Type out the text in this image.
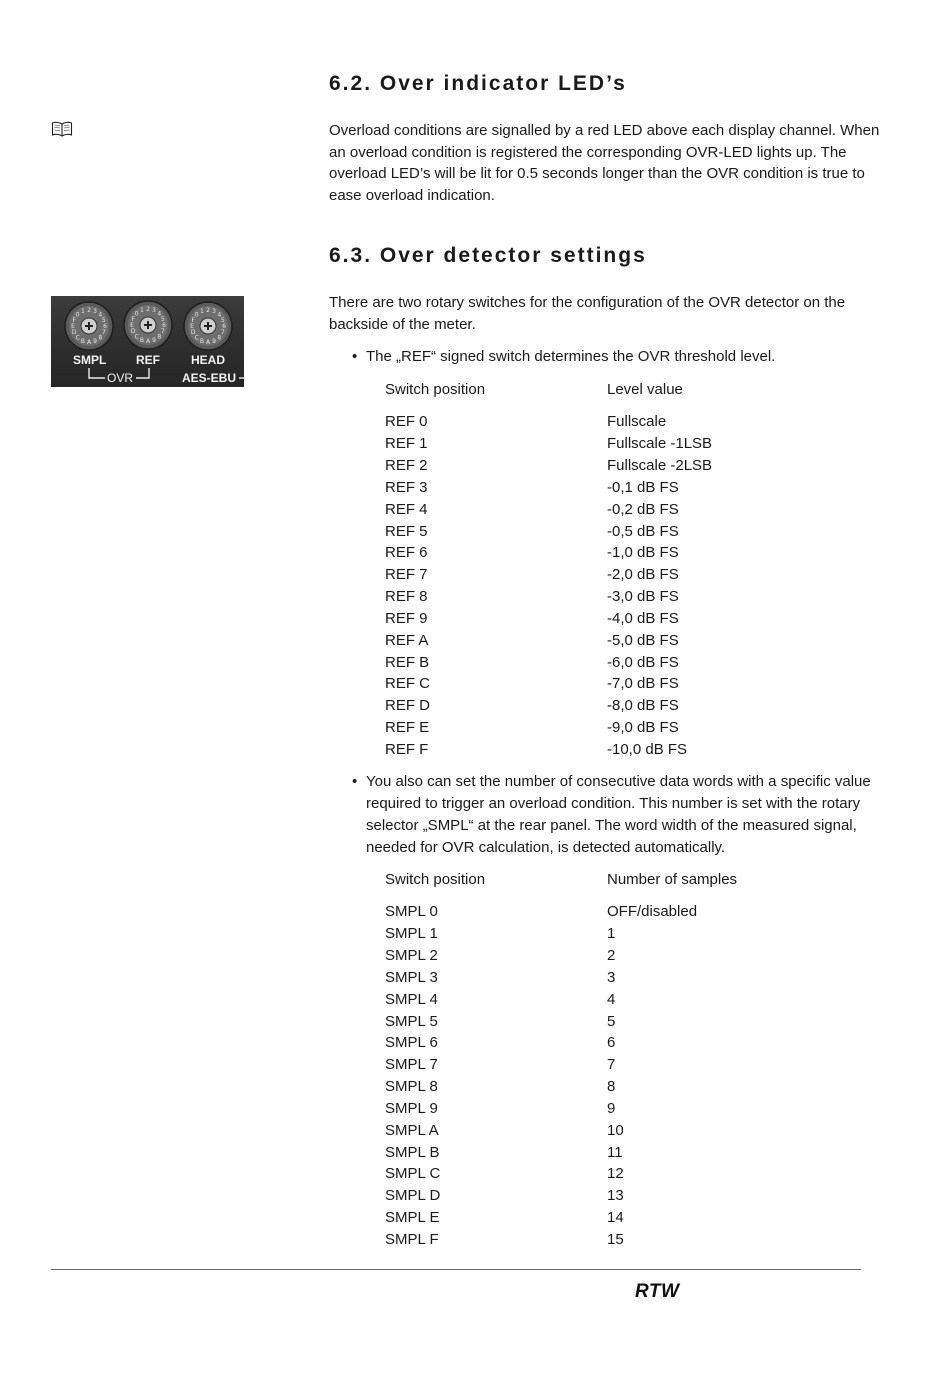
0 1 2 3 4
5
6
7
8
9
A
B
C
D
E
F
0 1 2 3 4
5
6
7
8
9
A
B
C
D
E
F
0 1 2 3 4
5
6
7
8
9
A
B
C
D
E
F
SMPL REF	HEAD
OVR	AES-EBU
6.2. Over indicator LED’s

Overload conditions are signalled by a red LED above each display channel. When an overload condition is registered the corresponding OVR-LED lights up. The overload LED’s will be lit for 0.5 seconds longer than the OVR condition is true to ease overload indication.

6.3. Over detector settings

There are two rotary switches for the configuration of the OVR detector on the backside of the meter.

• The „REF“ signed switch determines the OVR threshold level.
Switch position	Level value
REF 0	Fullscale
REF 1	Fullscale -1LSB
REF 2	Fullscale -2LSB
REF 3	-0,1 dB FS
REF 4	-0,2 dB FS
REF 5	-0,5 dB FS
REF 6	-1,0 dB FS
REF 7	-2,0 dB FS
REF 8	-3,0 dB FS
REF 9	-4,0 dB FS
REF A	-5,0 dB FS
REF B	-6,0 dB FS
REF C	-7,0 dB FS
REF D	-8,0 dB FS
REF E	-9,0 dB FS
REF F	-10,0 dB FS
• You also can set the number of consecutive data words with a specific value required to trigger an overload condition. This number is set with the rotary selector „SMPL“ at the rear panel. The word width of the measured signal, needed for OVR calculation, is detected automatically.
Switch position	Number of samples
SMPL 0	OFF/disabled
SMPL 1	1
SMPL 2	2
SMPL 3	3
SMPL 4	4
SMPL 5	5
SMPL 6	6
SMPL 7	7
SMPL 8	8
SMPL 9	9
SMPL A	10
SMPL B	11
SMPL C	12
SMPL D	13
SMPL E	14
SMPL F	15
RTW
